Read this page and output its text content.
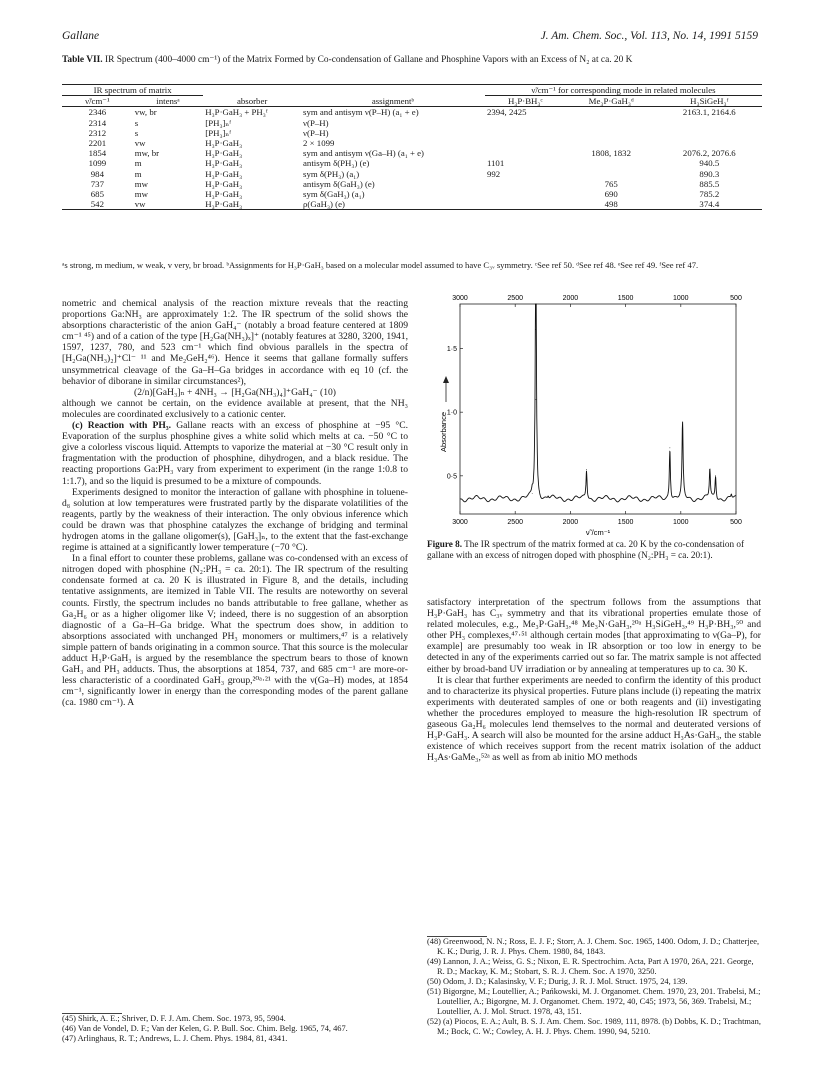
Gallane	J. Am. Chem. Soc., Vol. 113, No. 14, 1991 5159
Table VII. IR Spectrum (400–4000 cm⁻¹) of the Matrix Formed by Co-condensation of Gallane and Phosphine Vapors with an Excess of N₂ at ca. 20 K
IR spectrum of matrix				ν̃/cm⁻¹ for corresponding mode in related molecules		
ν̃/cm⁻¹	intensᵃ	absorber	assignmentᵇ	H₃P·BH₃ᶜ	Me₃P·GaH₃ᵈ	H₃SiGeH₃ᶠ
2346	vw, br	H₃P·GaH₃ + PH₃ᶠ	sym and antisym ν(P–H) (a₁ + e)	2394, 2425		2163.1, 2164.6
2314	s	[PH₃]ₙᶠ	ν(P–H)			
2312	s	[PH₃]ₙᶠ	ν(P–H)			
2201	vw	H₃P·GaH₃	2 × 1099			
1854	mw, br	H₃P·GaH₃	sym and antisym ν(Ga–H) (a₁ + e)		1808, 1832	2076.2, 2076.6
1099	m	H₃P·GaH₃	antisym δ(PH₃) (e)	1101		940.5
984	m	H₃P·GaH₃	sym δ(PH₃) (a₁)	992		890.3
737	mw	H₃P·GaH₃	antisym δ(GaH₃) (e)		765	885.5
685	mw	H₃P·GaH₃	sym δ(GaH₃) (a₁)		690	785.2
542	vw	H₃P·GaH₃	ρ(GaH₃) (e)		498	374.4
ᵃs strong, m medium, w weak, v very, br broad. ᵇAssignments for H₃P·GaH₃ based on a molecular model assumed to have C₃ᵥ symmetry. ᶜSee ref 50. ᵈSee ref 48. ᵉSee ref 49. ᶠSee ref 47.

nometric and chemical analysis of the reaction mixture reveals that the reacting proportions Ga:NH₃ are approximately 1:2. The IR spectrum of the solid shows the absorptions characteristic of the anion GaH₄⁻ (notably a broad feature centered at 1809 cm⁻¹ ⁴⁵) and of a cation of the type [H₂Ga(NH₃)ₓ]⁺ (notably features at 3280, 3200, 1941, 1597, 1237, 780, and 523 cm⁻¹ which find obvious parallels in the spectra of [H₂Ga(NH₃)₂]⁺Cl⁻ ¹¹ and Me₂GeH₂⁴⁶). Hence it seems that gallane formally suffers unsymmetrical cleavage of the Ga–H–Ga bridges in accordance with eq 10 (cf. the behavior of diborane in similar circumstances²),

(2/n)[GaH₃]ₙ + 4NH₃ → [H₂Ga(NH₃)₄]⁺GaH₄⁻ (10)

although we cannot be certain, on the evidence available at present, that the NH₃ molecules are coordinated exclusively to a cationic center.

(c) Reaction with PH₃. Gallane reacts with an excess of phosphine at −95 °C. Evaporation of the surplus phosphine gives a white solid which melts at ca. −50 °C to give a colorless viscous liquid. Attempts to vaporize the material at −30 °C result only in fragmentation with the production of phosphine, dihydrogen, and a black residue. The reacting proportions Ga:PH₃ vary from experiment to experiment (in the range 1:0.8 to 1:1.7), and so the liquid is presumed to be a mixture of compounds.

Experiments designed to monitor the interaction of gallane with phosphine in toluene-d₈ solution at low temperatures were frustrated partly by the disparate volatilities of the reagents, partly by the weakness of their interaction. The only obvious inference which could be drawn was that phosphine catalyzes the exchange of bridging and terminal hydrogen atoms in the gallane oligomer(s), [GaH₃]ₙ, to the extent that the fast-exchange regime is attained at a significantly lower temperature (−70 °C).

In a final effort to counter these problems, gallane was co-condensed with an excess of nitrogen doped with phosphine (N₂:PH₃ = ca. 20:1). The IR spectrum of the resulting condensate formed at ca. 20 K is illustrated in Figure 8, and the details, including tentative assignments, are itemized in Table VII. The results are noteworthy on several counts. Firstly, the spectrum includes no bands attributable to free gallane, whether as Ga₂H₆ or as a higher oligomer like V; indeed, there is no suggestion of an absorption diagnostic of a Ga–H–Ga bridge. What the spectrum does show, in addition to absorptions associated with unchanged PH₃ monomers or multimers,⁴⁷ is a relatively simple pattern of bands originating in a common source. That this source is the molecular adduct H₃P·GaH₃ is argued by the resemblance the spectrum bears to those of known GaH₃ and PH₃ adducts. Thus, the absorptions at 1854, 737, and 685 cm⁻¹ are more-or-less characteristic of a coordinated GaH₃ group,²⁰ᵃ·²¹ with the ν(Ga–H) modes, at 1854 cm⁻¹, significantly lower in energy than the corresponding modes of the parent gallane (ca. 1980 cm⁻¹). A

(45) Shirk, A. E.; Shriver, D. F. J. Am. Chem. Soc. 1973, 95, 5904.

(46) Van de Vondel, D. F.; Van der Kelen, G. P. Bull. Soc. Chim. Belg. 1965, 74, 467.

(47) Arlinghaus, R. T.; Andrews, L. J. Chem. Phys. 1984, 81, 4341.

3000	2500	2000	1500	1000	500
3000	2500	2000	1500	1000	500
1·5
1·0
0·5
Absorbance
ν̃ /cm⁻¹
Figure 8. The IR spectrum of the matrix formed at ca. 20 K by the co-condensation of gallane with an excess of nitrogen doped with phosphine (N₂:PH₃ = ca. 20:1).

satisfactory interpretation of the spectrum follows from the assumptions that H₃P·GaH₃ has C₃ᵥ symmetry and that its vibrational properties emulate those of related molecules, e.g., Me₃P·GaH₃,⁴⁸ Me₃N·GaH₃,²⁰ᵃ H₃SiGeH₃,⁴⁹ H₃P·BH₃,⁵⁰ and other PH₃ complexes,⁴⁷·⁵¹ although certain modes [that approximating to ν(Ga–P), for example] are presumably too weak in IR absorption or too low in energy to be detected in any of the experiments carried out so far. The matrix sample is not affected either by broad-band UV irradiation or by annealing at temperatures up to ca. 30 K.

It is clear that further experiments are needed to confirm the identity of this product and to characterize its physical properties. Future plans include (i) repeating the matrix experiments with deuterated samples of one or both reagents and (ii) investigating whether the procedures employed to measure the high-resolution IR spectrum of gaseous Ga₂H₆ molecules lend themselves to the normal and deuterated versions of H₃P·GaH₃. A search will also be mounted for the arsine adduct H₃As·GaH₃, the stable existence of which receives support from the recent matrix isolation of the adduct H₃As·GaMe₃,⁵²ᵃ as well as from ab initio MO methods

(48) Greenwood, N. N.; Ross, E. J. F.; Storr, A. J. Chem. Soc. 1965, 1400. Odom, J. D.; Chatterjee, K. K.; Durig, J. R. J. Phys. Chem. 1980, 84, 1843.

(49) Lannon, J. A.; Weiss, G. S.; Nixon, E. R. Spectrochim. Acta, Part A 1970, 26A, 221. George, R. D.; Mackay, K. M.; Stobart, S. R. J. Chem. Soc. A 1970, 3250.

(50) Odom, J. D.; Kalasinsky, V. F.; Durig, J. R. J. Mol. Struct. 1975, 24, 139.

(51) Bigorgne, M.; Loutellier, A.; Pańkowski, M. J. Organomet. Chem. 1970, 23, 201. Trabelsi, M.; Loutellier, A.; Bigorgne, M. J. Organomet. Chem. 1972, 40, C45; 1973, 56, 369. Trabelsi, M.; Loutellier, A. J. Mol. Struct. 1978, 43, 151.

(52) (a) Piocos, E. A.; Ault, B. S. J. Am. Chem. Soc. 1989, 111, 8978. (b) Dobbs, K. D.; Trachtman, M.; Bock, C. W.; Cowley, A. H. J. Phys. Chem. 1990, 94, 5210.
